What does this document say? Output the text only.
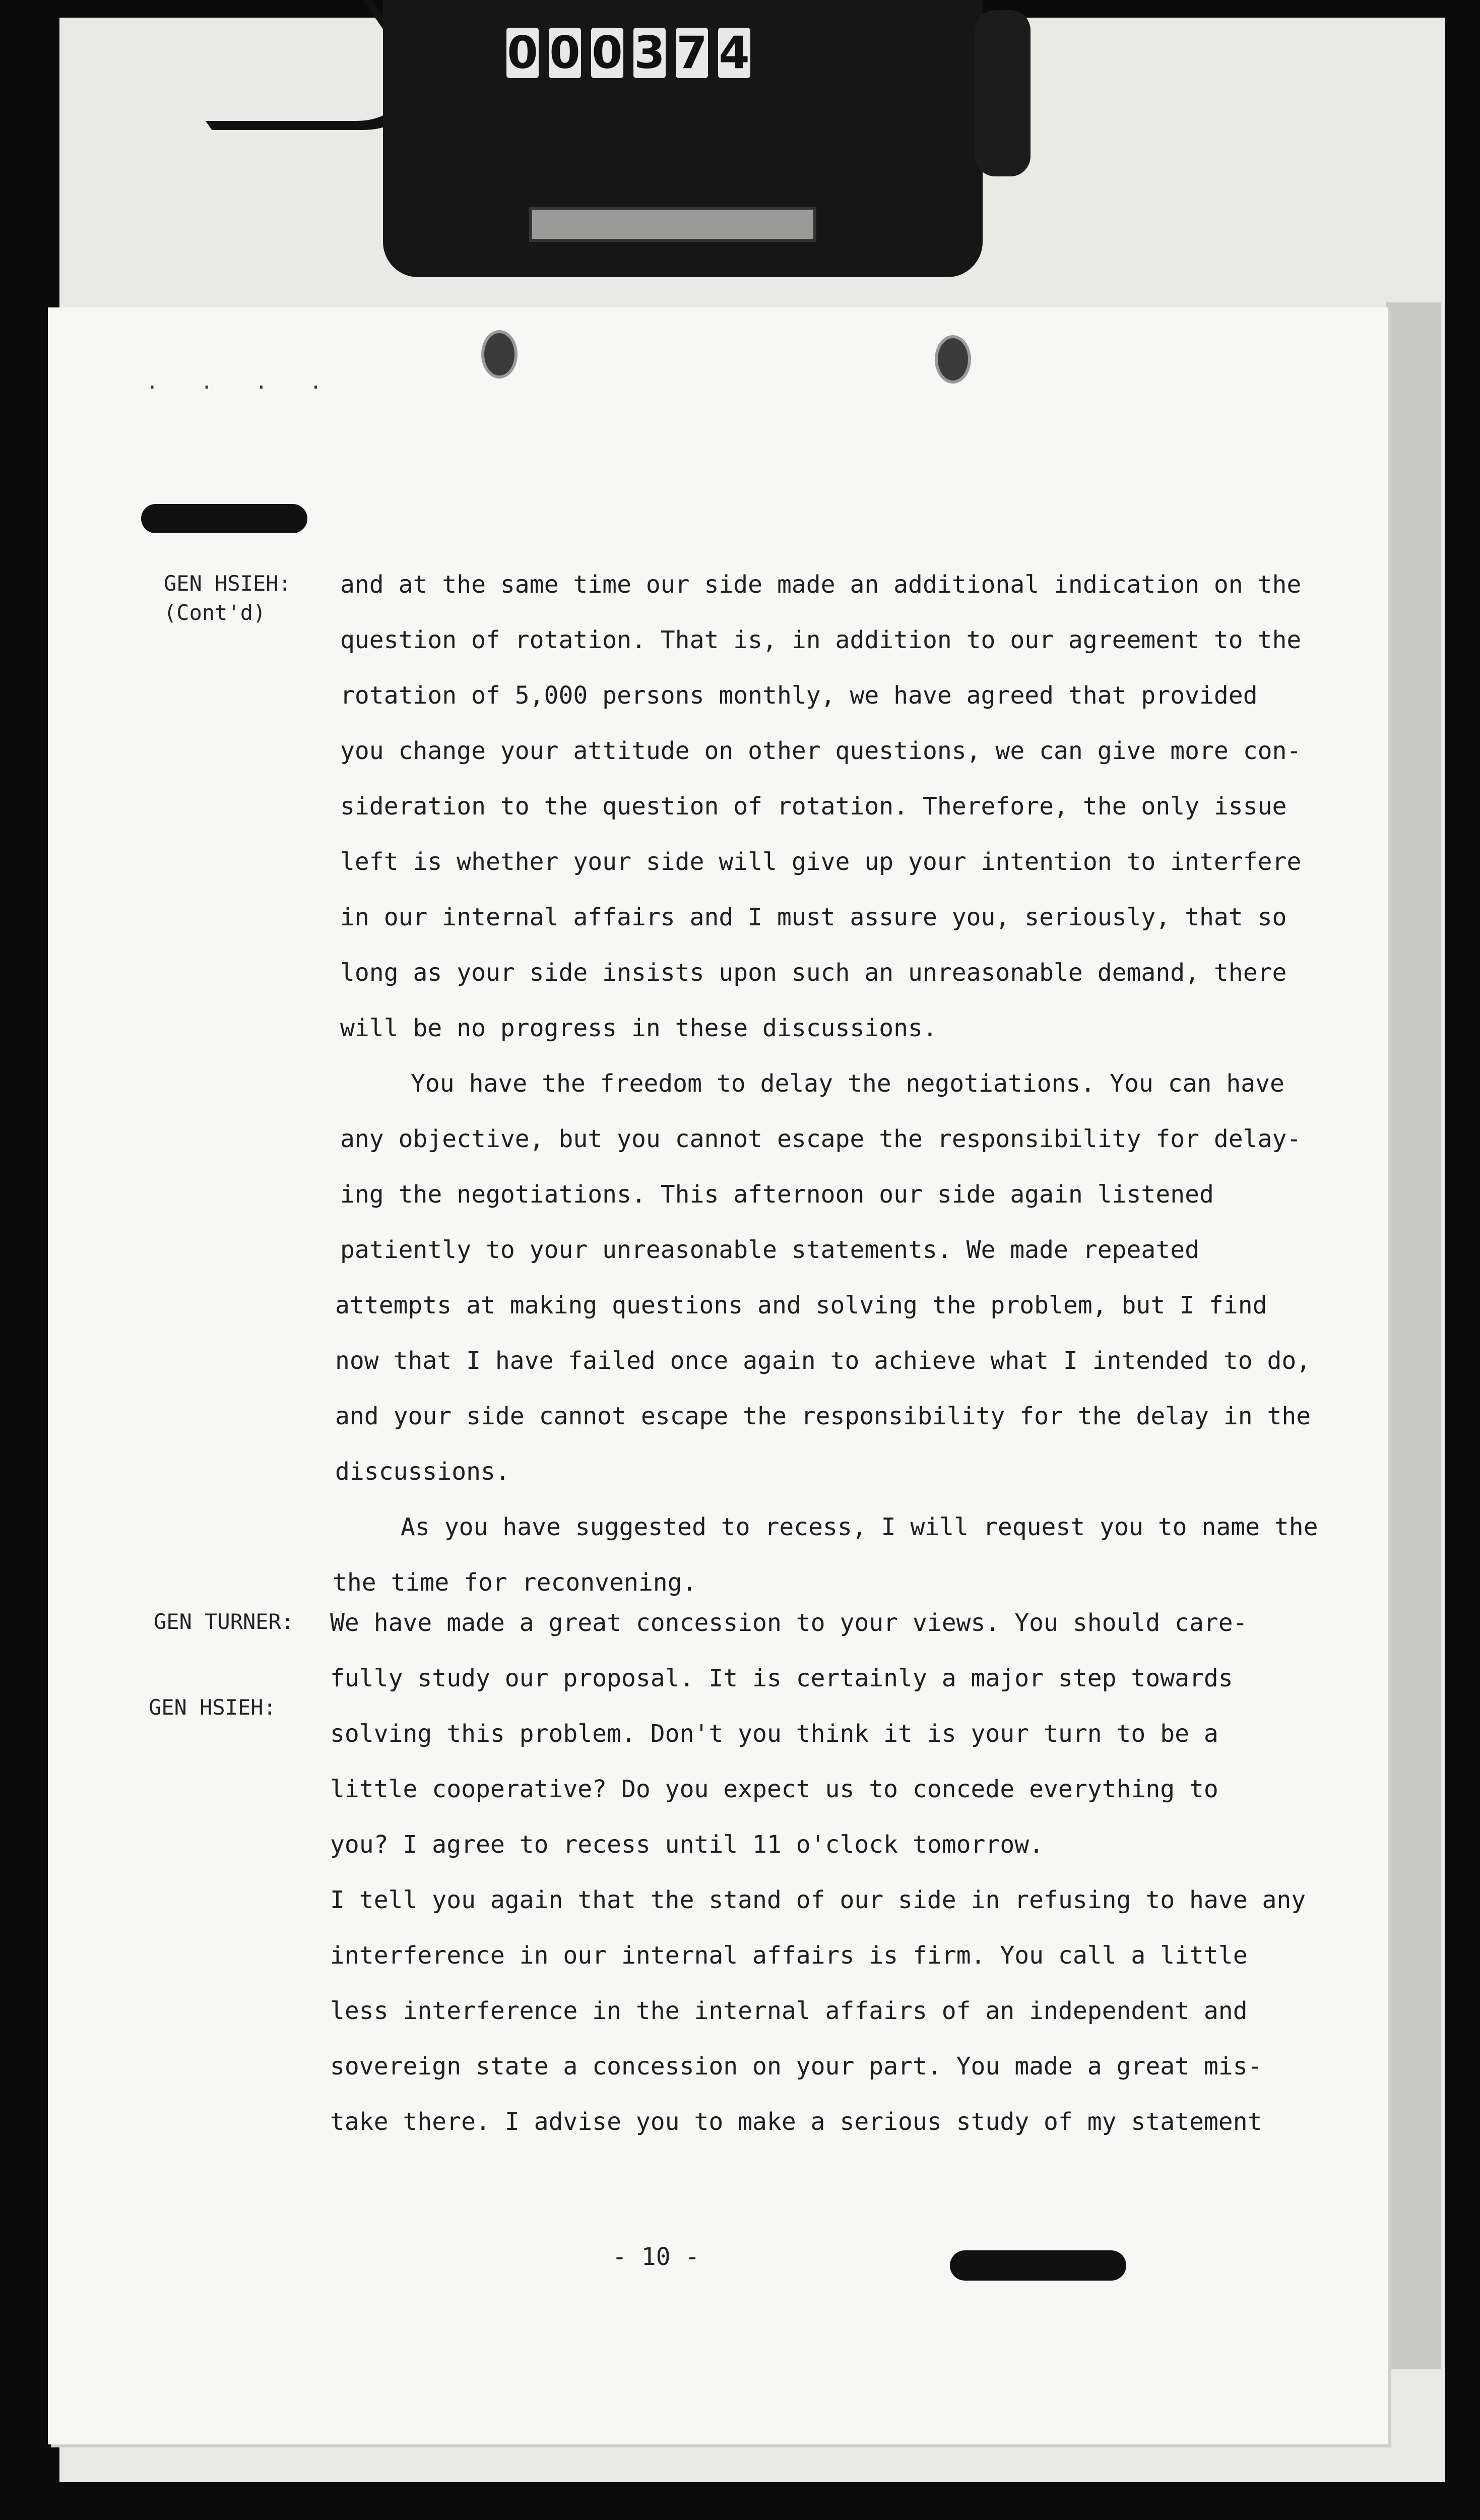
0 0 0 3 7 4
. . . .
GEN HSIEH:
(Cont'd)
GEN TURNER:
GEN HSIEH:
and at the same time our side made an additional indication on the
question of rotation. That is, in addition to our agreement to the
rotation of 5,000 persons monthly, we have agreed that provided
you change your attitude on other questions, we can give more con-
sideration to the question of rotation. Therefore, the only issue
left is whether your side will give up your intention to interfere
in our internal affairs and I must assure you, seriously, that so
long as your side insists upon such an unreasonable demand, there
will be no progress in these discussions.
You have the freedom to delay the negotiations. You can have
any objective, but you cannot escape the responsibility for delay-
ing the negotiations. This afternoon our side again listened
patiently to your unreasonable statements. We made repeated
attempts at making questions and solving the problem, but I find
now that I have failed once again to achieve what I intended to do,
and your side cannot escape the responsibility for the delay in the
discussions.
As you have suggested to recess, I will request you to name the
the time for reconvening.
We have made a great concession to your views. You should care-
fully study our proposal. It is certainly a major step towards
solving this problem. Don't you think it is your turn to be a
little cooperative? Do you expect us to concede everything to
you? I agree to recess until 11 o'clock tomorrow.
I tell you again that the stand of our side in refusing to have any
interference in our internal affairs is firm. You call a little
less interference in the internal affairs of an independent and
sovereign state a concession on your part. You made a great mis-
take there. I advise you to make a serious study of my statement
- 10 -
